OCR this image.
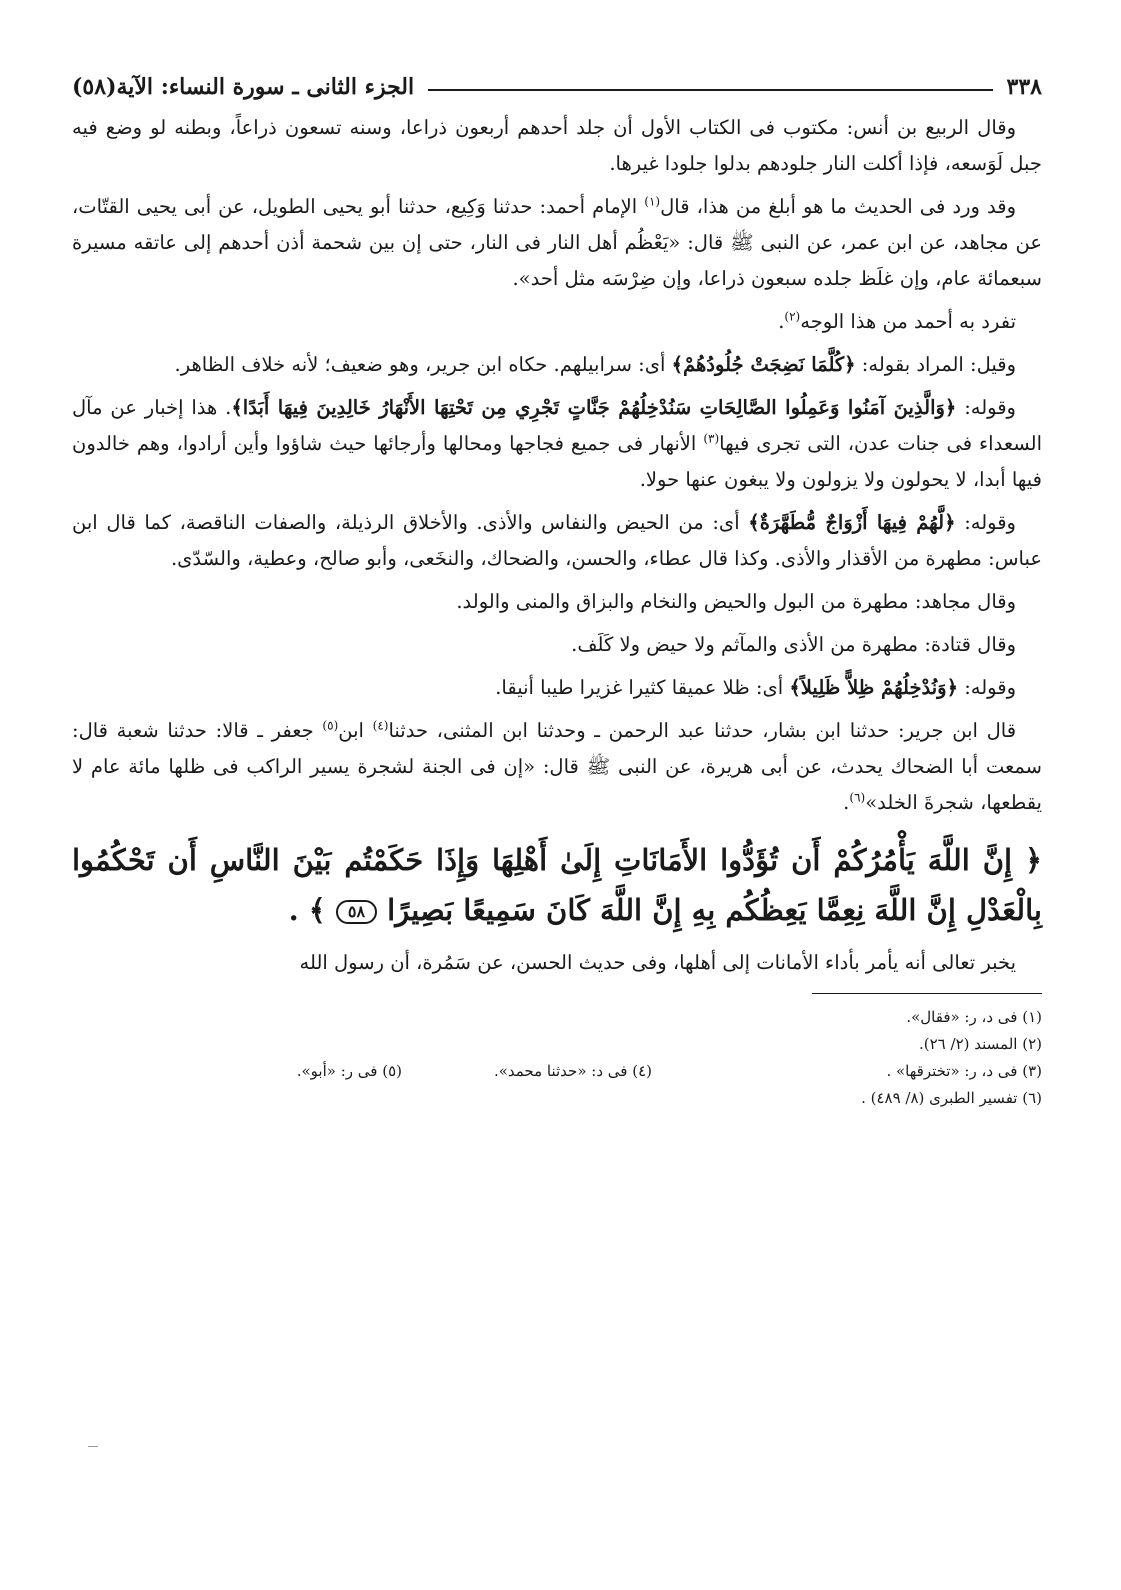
٣٣٨
الجزء الثانى ـ سورة النساء: الآية(٥٨)

وقال الربيع بن أنس: مكتوب فى الكتاب الأول أن جلد أحدهم أربعون ذراعا، وسنه تسعون ذراعاً، وبطنه لو وضع فيه جبل لَوَسعه، فإذا أكلت النار جلودهم بدلوا جلودا غيرها.

وقد ورد فى الحديث ما هو أبلغ من هذا، قال$^{(١)}$ الإمام أحمد: حدثنا وَكِيع، حدثنا أبو يحيى الطويل، عن أبى يحيى القتّات، عن مجاهد، عن ابن عمر، عن النبى ﷺ قال: «يَعْظُم أهل النار فى النار، حتى إن بين شحمة أذن أحدهم إلى عاتقه مسيرة سبعمائة عام، وإن غلَظ جلده سبعون ذراعا، وإن ضِرْسَه مثل أحد».

تفرد به أحمد من هذا الوجه$^{(٢)}$.

وقيل: المراد بقوله: ﴿كُلَّمَا نَضِجَتْ جُلُودُهُمْ﴾ أى: سرابيلهم. حكاه ابن جرير، وهو ضعيف؛ لأنه خلاف الظاهر.

وقوله: ﴿وَالَّذِينَ آمَنُوا وَعَمِلُوا الصَّالِحَاتِ سَنُدْخِلُهُمْ جَنَّاتٍ تَجْرِي مِن تَحْتِهَا الأَنْهَارُ خَالِدِينَ فِيهَا أَبَدًا﴾. هذا إخبار عن مآل السعداء فى جنات عدن، التى تجرى فيها$^{(٣)}$ الأنهار فى جميع فجاجها ومحالها وأرجائها حيث شاؤوا وأين أرادوا، وهم خالدون فيها أبدا، لا يحولون ولا يزولون ولا يبغون عنها حولا.

وقوله: ﴿لَّهُمْ فِيهَا أَزْوَاجٌ مُّطَهَّرَةٌ﴾ أى: من الحيض والنفاس والأذى. والأخلاق الرذيلة، والصفات الناقصة، كما قال ابن عباس: مطهرة من الأقذار والأذى. وكذا قال عطاء، والحسن، والضحاك، والنخَعى، وأبو صالح، وعطية، والسّدّى.

وقال مجاهد: مطهرة من البول والحيض والنخام والبزاق والمنى والولد.

وقال قتادة: مطهرة من الأذى والمآثم ولا حيض ولا كَلَف.

وقوله: ﴿وَنُدْخِلُهُمْ ظِلاًّ ظَلِيلاً﴾ أى: ظلا عميقا كثيرا غزيرا طيبا أنيقا.

قال ابن جرير: حدثنا ابن بشار، حدثنا عبد الرحمن ـ وحدثنا ابن المثنى، حدثنا$^{(٤)}$ ابن$^{(٥)}$ جعفر ـ قالا: حدثنا شعبة قال: سمعت أبا الضحاك يحدث، عن أبى هريرة، عن النبى ﷺ قال: «إن فى الجنة لشجرة يسير الراكب فى ظلها مائة عام لا يقطعها، شجرةَ الخلد»$^{(٦)}$.

﴿ إِنَّ اللَّهَ يَأْمُرُكُمْ أَن تُؤَدُّوا الأَمَانَاتِ إِلَىٰ أَهْلِهَا وَإِذَا حَكَمْتُم بَيْنَ النَّاسِ أَن تَحْكُمُوا بِالْعَدْلِ إِنَّ اللَّهَ نِعِمَّا يَعِظُكُم بِهِ إِنَّ اللَّهَ كَانَ سَمِيعًا بَصِيرًا ٥٨ ﴾ .

يخبر تعالى أنه يأمر بأداء الأمانات إلى أهلها، وفى حديث الحسن، عن سَمُرة، أن رسول الله

(١) فى د، ر: «فقال».
(٢) المسند (٢/ ٢٦).
(٣) فى د، ر: «تخترقها» .
(٤) فى د: «حدثنا محمد».
(٥) فى ر: «أبو».
(٦) تفسير الطبرى (٨/ ٤٨٩) .
